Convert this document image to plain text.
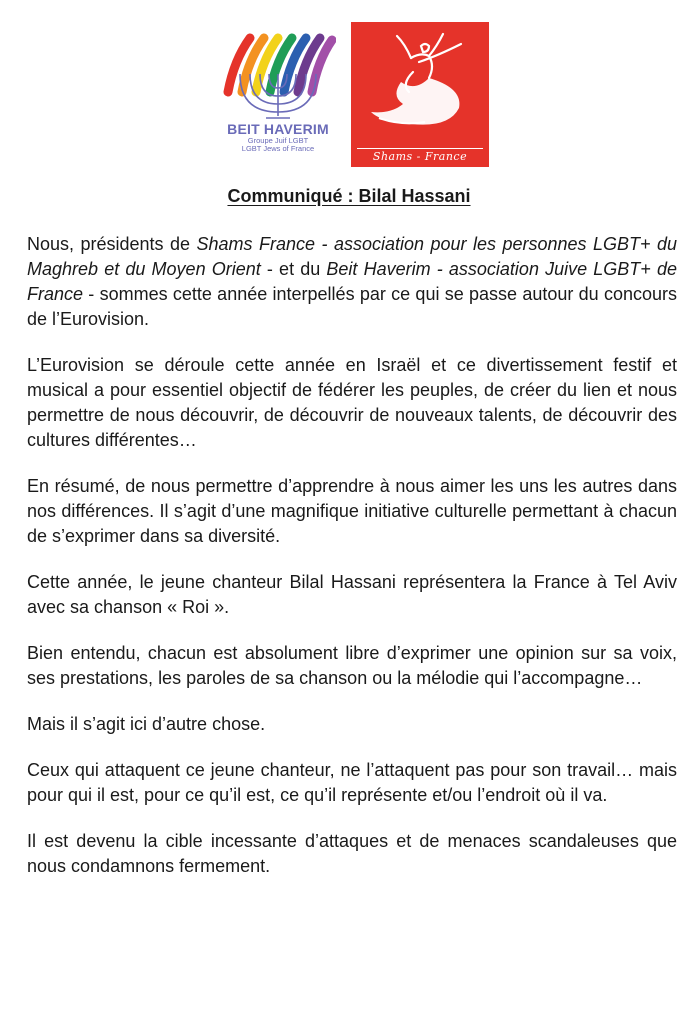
BEIT HAVERIM
Groupe Juif LGBT
LGBT Jews of France
Shams - France
Communiqué : Bilal Hassani

Nous, présidents de Shams France - association pour les personnes LGBT+ du Maghreb et du Moyen Orient - et du Beit Haverim - association Juive LGBT+ de France - sommes cette année interpellés par ce qui se passe autour du concours de l’Eurovision.

L’Eurovision se déroule cette année en Israël et ce divertissement festif et musical a pour essentiel objectif de fédérer les peuples, de créer du lien et nous permettre de nous découvrir, de découvrir de nouveaux talents, de découvrir des cultures différentes…

En résumé, de nous permettre d’apprendre à nous aimer les uns les autres dans nos différences. Il s’agit d’une magnifique initiative culturelle permettant à chacun de s’exprimer dans sa diversité.

Cette année, le jeune chanteur Bilal Hassani représentera la France à Tel Aviv avec sa chanson « Roi ».

Bien entendu, chacun est absolument libre d’exprimer une opinion sur sa voix, ses prestations, les paroles de sa chanson ou la mélodie qui l’accompagne…

Mais il s’agit ici d’autre chose.

Ceux qui attaquent ce jeune chanteur, ne l’attaquent pas pour son travail… mais pour qui il est, pour ce qu’il est, ce qu’il représente et/ou l’endroit où il va.

Il est devenu la cible incessante d’attaques et de menaces scandaleuses que nous condamnons fermement.
